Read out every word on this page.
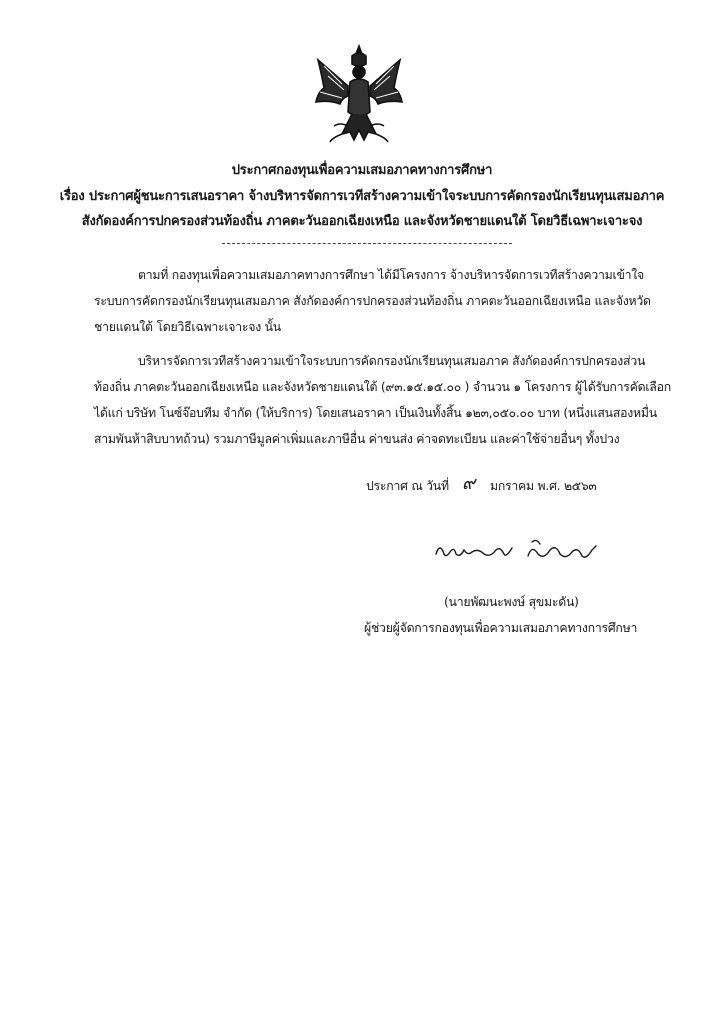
ประกาศกองทุนเพื่อความเสมอภาคทางการศึกษา
เรื่อง ประกาศผู้ชนะการเสนอราคา จ้างบริหารจัดการเวทีสร้างความเข้าใจระบบการคัดกรองนักเรียนทุนเสมอภาค
สังกัดองค์การปกครองส่วนท้องถิ่น ภาคตะวันออกเฉียงเหนือ และจังหวัดชายแดนใต้ โดยวิธีเฉพาะเจาะจง
ตามที่ กองทุนเพื่อความเสมอภาคทางการศึกษา ได้มีโครงการ จ้างบริหารจัดการเวทีสร้างความเข้าใจ
ระบบการคัดกรองนักเรียนทุนเสมอภาค สังกัดองค์การปกครองส่วนท้องถิ่น ภาคตะวันออกเฉียงเหนือ และจังหวัด
ชายแดนใต้ โดยวิธีเฉพาะเจาะจง นั้น
บริหารจัดการเวทีสร้างความเข้าใจระบบการคัดกรองนักเรียนทุนเสมอภาค สังกัดองค์การปกครองส่วน
ท้องถิ่น ภาคตะวันออกเฉียงเหนือ และจังหวัดชายแดนใต้ (๙๓.๑๕.๑๕.๐๐ ) จำนวน ๑ โครงการ ผู้ได้รับการคัดเลือก
ได้แก่ บริษัท โนซ์จ๊อบทีม จำกัด (ให้บริการ) โดยเสนอราคา เป็นเงินทั้งสิ้น ๑๒๓,๐๕๐.๐๐ บาท (หนึ่งแสนสองหมื่น
สามพันห้าสิบบาทถ้วน) รวมภาษีมูลค่าเพิ่มและภาษีอื่น ค่าขนส่ง ค่าจดทะเบียน และค่าใช้จ่ายอื่นๆ ทั้งปวง
ประกาศ ณ วันที่ ๙ มกราคม พ.ศ. ๒๕๖๓
(นายพัฒนะพงษ์ สุขมะดัน)
ผู้ช่วยผู้จัดการกองทุนเพื่อความเสมอภาคทางการศึกษา
